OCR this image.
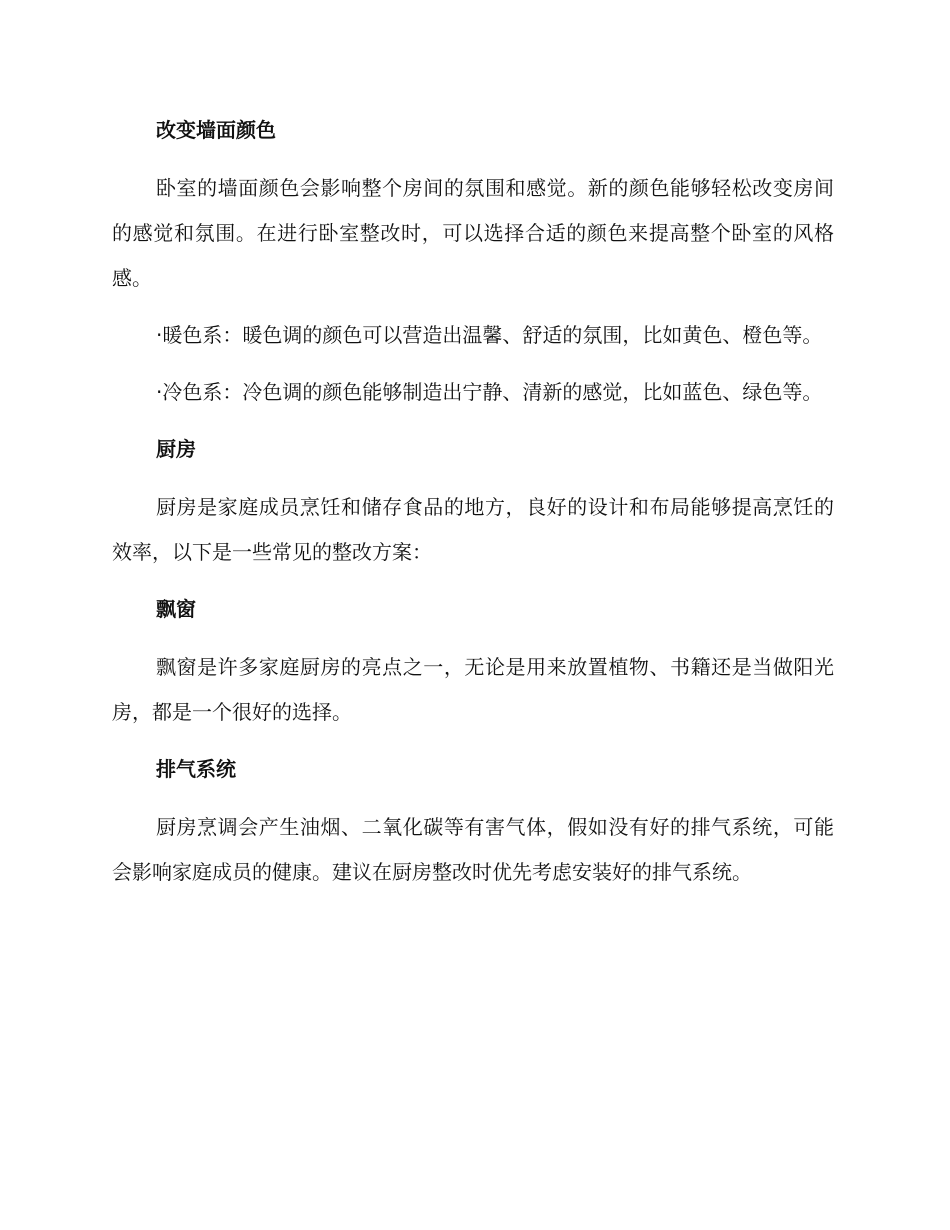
改变墙面颜色
卧室的墙面颜色会影响整个房间的氛围和感觉。新的颜色能够轻松改变房间的感觉和氛围。在进行卧室整改时，可以选择合适的颜色来提高整个卧室的风格感。
·暖色系：暖色调的颜色可以营造出温馨、舒适的氛围，比如黄色、橙色等。
·冷色系：冷色调的颜色能够制造出宁静、清新的感觉，比如蓝色、绿色等。
厨房
厨房是家庭成员烹饪和储存食品的地方，良好的设计和布局能够提高烹饪的效率，以下是一些常见的整改方案：
飘窗
飘窗是许多家庭厨房的亮点之一，无论是用来放置植物、书籍还是当做阳光房，都是一个很好的选择。
排气系统
厨房烹调会产生油烟、二氧化碳等有害气体，假如没有好的排气系统，可能会影响家庭成员的健康。建议在厨房整改时优先考虑安装好的排气系统。
